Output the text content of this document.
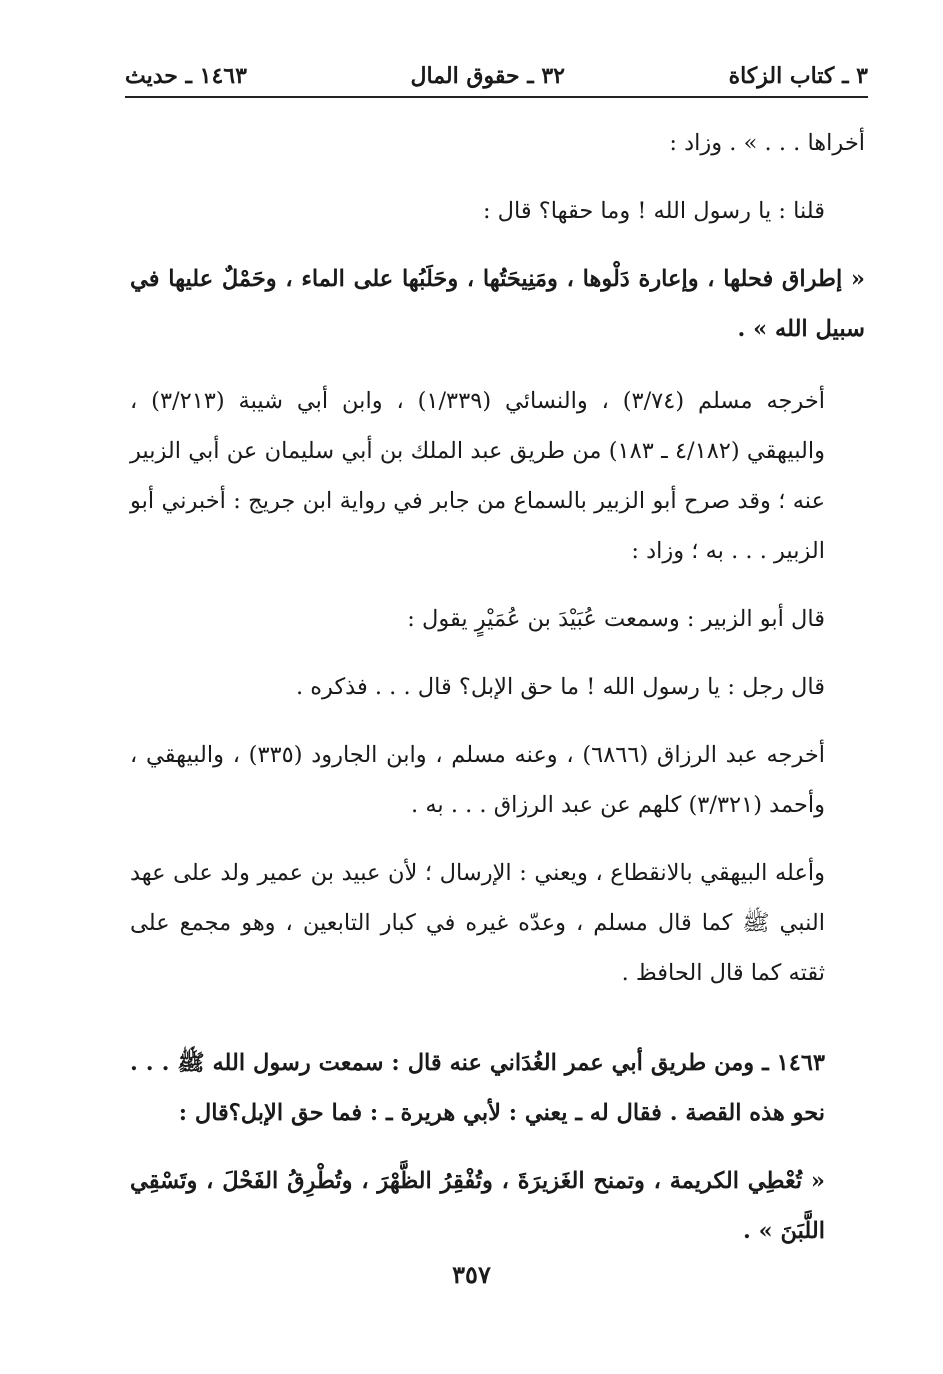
٣ ـ كتاب الزكاة
٣٢ ـ حقوق المال
١٤٦٣ ـ حديث

أخراها . . . » . وزاد :

قلنا : يا رسول الله ! وما حقها؟ قال :

« إطراق فحلها ، وإعارة دَلْوها ، ومَنِيحَتُها ، وحَلَبُها على الماء ، وحَمْلٌ عليها في سبيل الله » .

أخرجه مسلم (٣/٧٤) ، والنسائي (١/٣٣٩) ، وابن أبي شيبة (٣/٢١٣) ، والبيهقي (٤/١٨٢ ـ ١٨٣) من طريق عبد الملك بن أبي سليمان عن أبي الزبير عنه ؛ وقد صرح أبو الزبير بالسماع من جابر في رواية ابن جريج : أخبرني أبو الزبير . . . به ؛ وزاد :

قال أبو الزبير : وسمعت عُبَيْدَ بن عُمَيْرٍ يقول :

قال رجل : يا رسول الله ! ما حق الإبل؟ قال . . . فذكره .

أخرجه عبد الرزاق (٦٨٦٦) ، وعنه مسلم ، وابن الجارود (٣٣٥) ، والبيهقي ، وأحمد (٣/٣٢١) كلهم عن عبد الرزاق . . . به .

وأعله البيهقي بالانقطاع ، ويعني : الإرسال ؛ لأن عبيد بن عمير ولد على عهد النبي ﷺ كما قال مسلم ، وعدّه غيره في كبار التابعين ، وهو مجمع على ثقته كما قال الحافظ .

١٤٦٣ ـ ومن طريق أبي عمر الغُدَاني عنه قال : سمعت رسول الله ﷺ . . . نحو هذه القصة . فقال له ـ يعني : لأبي هريرة ـ : فما حق الإبل؟قال :

« تُعْطِي الكريمة ، وتمنح الغَزيرَةَ ، وتُفْقِرُ الظَّهْرَ ، وتُطْرِقُ الفَحْلَ ، وتَسْقِي اللَّبَنَ » .

٣٥٧
